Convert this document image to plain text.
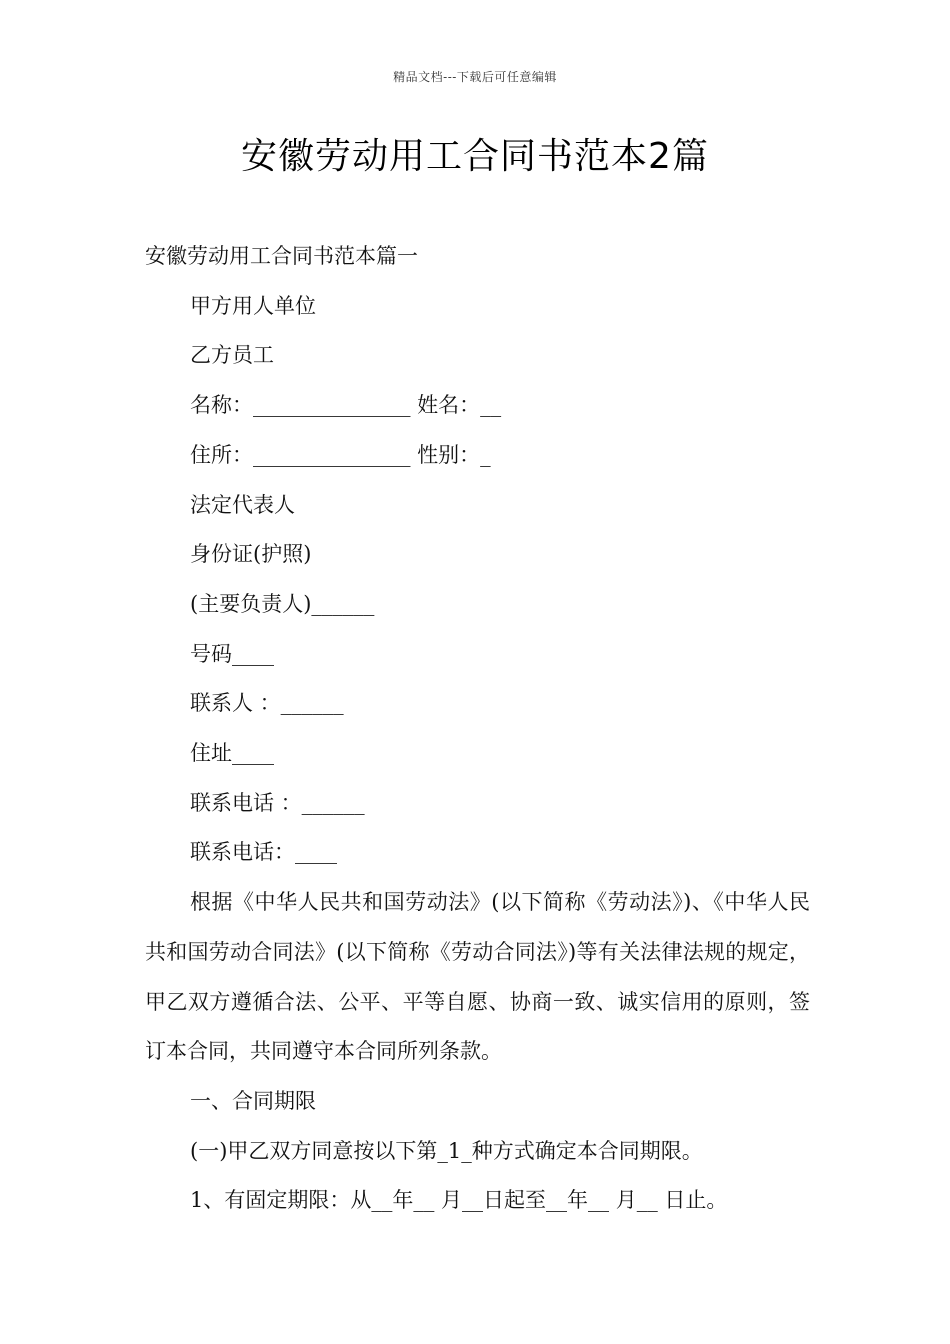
精品文档---下载后可任意编辑
安徽劳动用工合同书范本2篇

安徽劳动用工合同书范本篇一

甲方用人单位

乙方员工

名称：_______________ 姓名：__

住所：_______________ 性别：_

法定代表人

身份证(护照)

(主要负责人)______

号码____

联系人 ：______

住址____

联系电话 ：______

联系电话：____

根据《中华人民共和国劳动法》(以下简称《劳动法》)、《中华人民共和国劳动合同法》(以下简称《劳动合同法》)等有关法律法规的规定，甲乙双方遵循合法、公平、平等自愿、协商一致、诚实信用的原则，签订本合同，共同遵守本合同所列条款。

一、合同期限

(一)甲乙双方同意按以下第_1_种方式确定本合同期限。

1、有固定期限：从__年__ 月__日起至__年__ 月__ 日止。
